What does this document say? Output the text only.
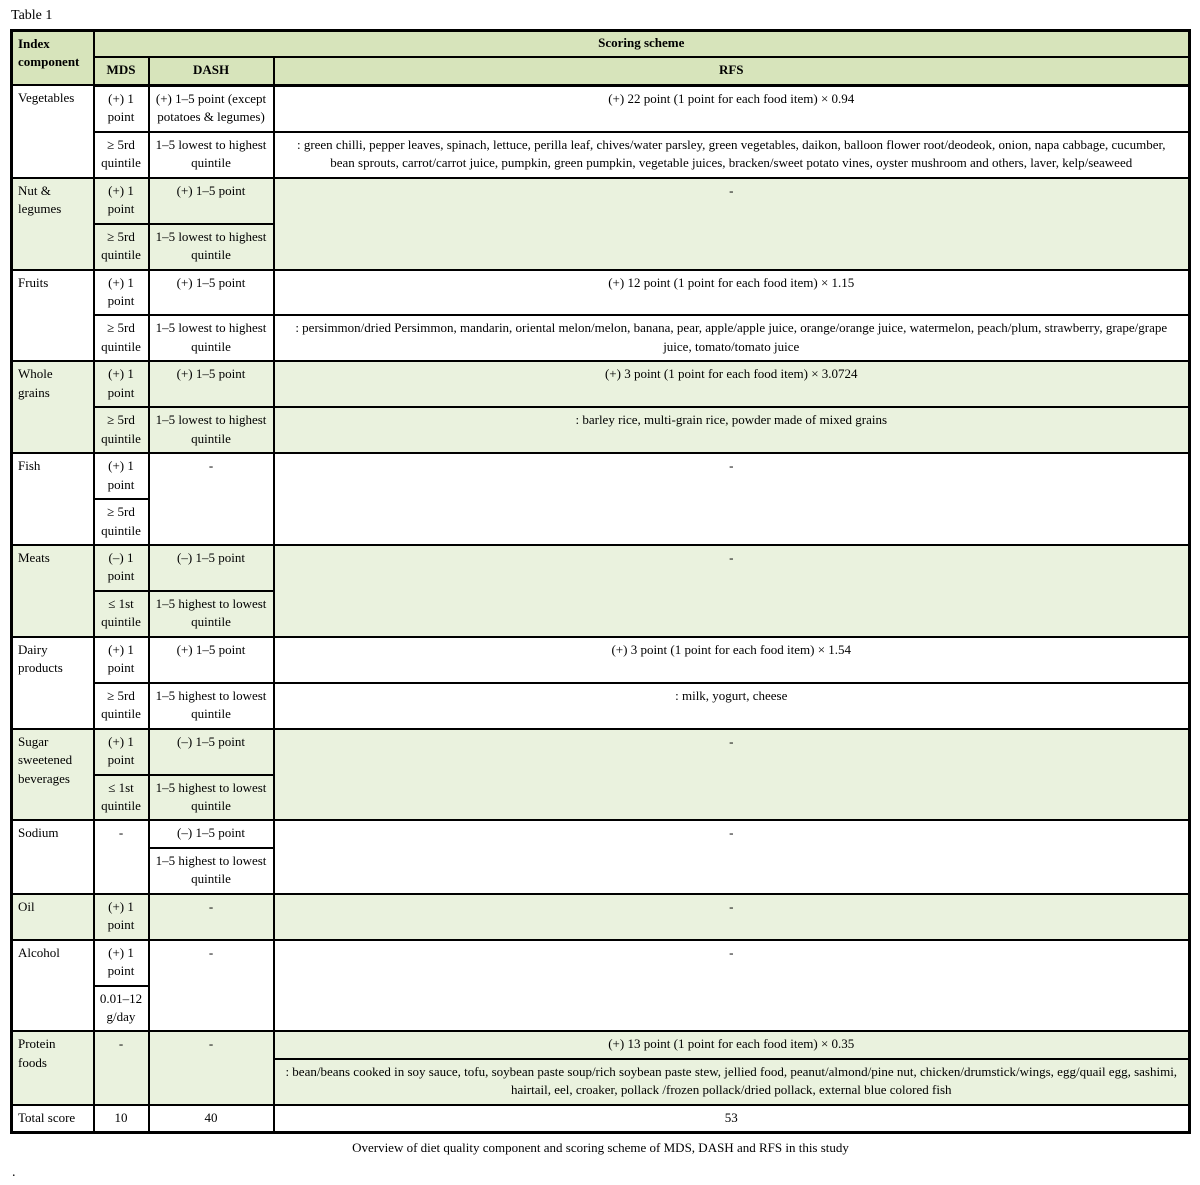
Table 1
Index component	Scoring scheme		
	MDS	DASH	RFS
Vegetables	(+) 1 point	(+) 1–5 point (except potatoes & legumes)	(+) 22 point (1 point for each food item) × 0.94
	≥ 5rd quintile	1–5 lowest to highest quintile	: green chilli, pepper leaves, spinach, lettuce, perilla leaf, chives/water parsley, green vegetables, daikon, balloon flower root/deodeok, onion, napa cabbage, cucumber, bean sprouts, carrot/carrot juice, pumpkin, green pumpkin, vegetable juices, bracken/sweet potato vines, oyster mushroom and others, laver, kelp/seaweed
Nut & legumes	(+) 1 point	(+) 1–5 point	-
	≥ 5rd quintile	1–5 lowest to highest quintile	
Fruits	(+) 1 point	(+) 1–5 point	(+) 12 point (1 point for each food item) × 1.15
	≥ 5rd quintile	1–5 lowest to highest quintile	: persimmon/dried Persimmon, mandarin, oriental melon/melon, banana, pear, apple/apple juice, orange/orange juice, watermelon, peach/plum, strawberry, grape/grape juice, tomato/tomato juice
Whole grains	(+) 1 point	(+) 1–5 point	(+) 3 point (1 point for each food item) × 3.0724
	≥ 5rd quintile	1–5 lowest to highest quintile	: barley rice, multi-grain rice, powder made of mixed grains
Fish	(+) 1 point	-	-
	≥ 5rd quintile		
Meats	(–) 1 point	(–) 1–5 point	-
	≤ 1st quintile	1–5 highest to lowest quintile	
Dairy products	(+) 1 point	(+) 1–5 point	(+) 3 point (1 point for each food item) × 1.54
	≥ 5rd quintile	1–5 highest to lowest quintile	: milk, yogurt, cheese
Sugar sweetened beverages	(+) 1 point	(–) 1–5 point	-
	≤ 1st quintile	1–5 highest to lowest quintile	
Sodium	-	(–) 1–5 point	-
		1–5 highest to lowest quintile	
Oil	(+) 1 point	-	-
Alcohol	(+) 1 point	-	-
	0.01–12 g/day		
Protein foods	-	-	(+) 13 point (1 point for each food item) × 0.35
			: bean/beans cooked in soy sauce, tofu, soybean paste soup/rich soybean paste stew, jellied food, peanut/almond/pine nut, chicken/drumstick/wings, egg/quail egg, sashimi, hairtail, eel, croaker, pollack /frozen pollack/dried pollack, external blue colored fish
Total score	10	40	53
Overview of diet quality component and scoring scheme of MDS, DASH and RFS in this study
.
